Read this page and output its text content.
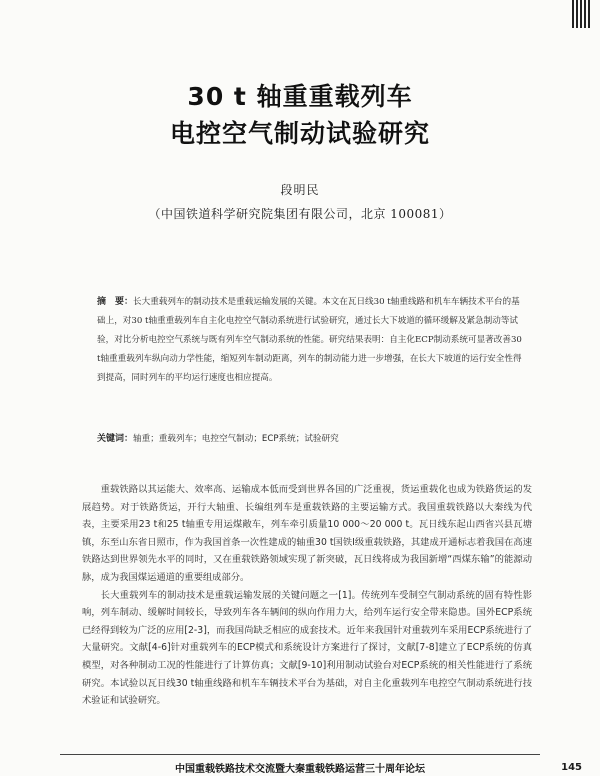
30 t 轴重重载列车
电控空气制动试验研究
段明民
（中国铁道科学研究院集团有限公司，北京 100081）
摘　要：长大重载列车的制动技术是重载运输发展的关键。本文在瓦日线30 t轴重线路和机车车辆技术平台的基础上，对30 t轴重重载列车自主化电控空气制动系统进行试验研究，通过长大下坡道的循环缓解及紧急制动等试验，对比分析电控空气系统与既有列车空气制动系统的性能。研究结果表明：自主化ECP制动系统可显著改善30 t轴重重载列车纵向动力学性能，缩短列车制动距离，列车的制动能力进一步增强，在长大下坡道的运行安全性得到提高，同时列车的平均运行速度也相应提高。
关键词：轴重；重载列车；电控空气制动；ECP系统；试验研究

重载铁路以其运能大、效率高、运输成本低而受到世界各国的广泛重视，货运重载化也成为铁路货运的发展趋势。对于铁路货运，开行大轴重、长编组列车是重载铁路的主要运输方式。我国重载铁路以大秦线为代表，主要采用23 t和25 t轴重专用运煤敞车，列车牵引质量10 000～20 000 t。瓦日线东起山西省兴县瓦塘镇，东至山东省日照市，作为我国首条一次性建成的轴重30 t国铁Ⅰ级重载铁路，其建成开通标志着我国在高速铁路达到世界领先水平的同时，又在重载铁路领域实现了新突破，瓦日线将成为我国新增“西煤东输”的能源动脉，成为我国煤运通道的重要组成部分。

长大重载列车的制动技术是重载运输发展的关键问题之一[1]。传统列车受制空气制动系统的固有特性影响，列车制动、缓解时间较长，导致列车各车辆间的纵向作用力大，给列车运行安全带来隐患。国外ECP系统已经得到较为广泛的应用[2-3]，而我国尚缺乏相应的成套技术。近年来我国针对重载列车采用ECP系统进行了大量研究。文献[4-6]针对重载列车的ECP模式和系统设计方案进行了探讨，文献[7-8]建立了ECP系统的仿真模型，对各种制动工况的性能进行了计算仿真；文献[9-10]利用制动试验台对ECP系统的相关性能进行了系统研究。本试验以瓦日线30 t轴重线路和机车车辆技术平台为基础，对自主化重载列车电控空气制动系统进行技术验证和试验研究。

中国重载铁路技术交流暨大秦重载铁路运营三十周年论坛	145
